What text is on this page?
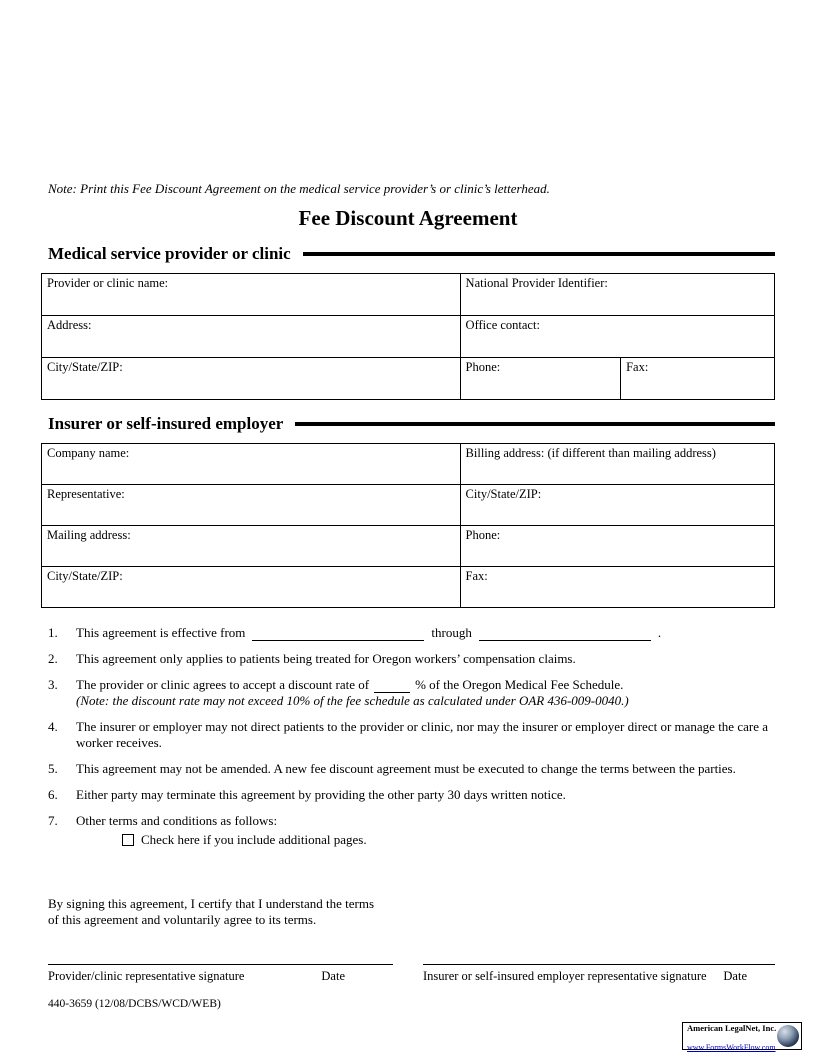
Note: Print this Fee Discount Agreement on the medical service provider’s or clinic’s letterhead.

Fee Discount Agreement
Medical service provider or clinic
Provider or clinic name:	National Provider Identifier:	
Address:	Office contact:	
City/State/ZIP:	Phone:	Fax:
Insurer or self-insured employer
Company name:	Billing address: (if different than mailing address)
Representative:	City/State/ZIP:
Mailing address:	Phone:
City/State/ZIP:	Fax:
1.	This agreement is effective from	through	.
2.	This agreement only applies to patients being treated for Oregon workers’ compensation claims.
3.	The provider or clinic agrees to accept a discount rate of	% of the Oregon Medical Fee Schedule.
(Note: the discount rate may not exceed 10% of the fee schedule as calculated under OAR 436-009-0040.)
4.	The insurer or employer may not direct patients to the provider or clinic, nor may the insurer or employer direct or manage the care a worker receives.
5.	This agreement may not be amended. A new fee discount agreement must be executed to change the terms between the parties.
6.	Either party may terminate this agreement by providing the other party 30 days written notice.
7.	Other terms and conditions as follows:
Check here if you include additional pages.

By signing this agreement, I certify that I understand the terms of this agreement and voluntarily agree to its terms.

Provider/clinic representative signature	Date	Insurer or self-insured employer representative signature Date

440-3659 (12/08/DCBS/WCD/WEB)

American LegalNet, Inc.
www.FormsWorkFlow.com
